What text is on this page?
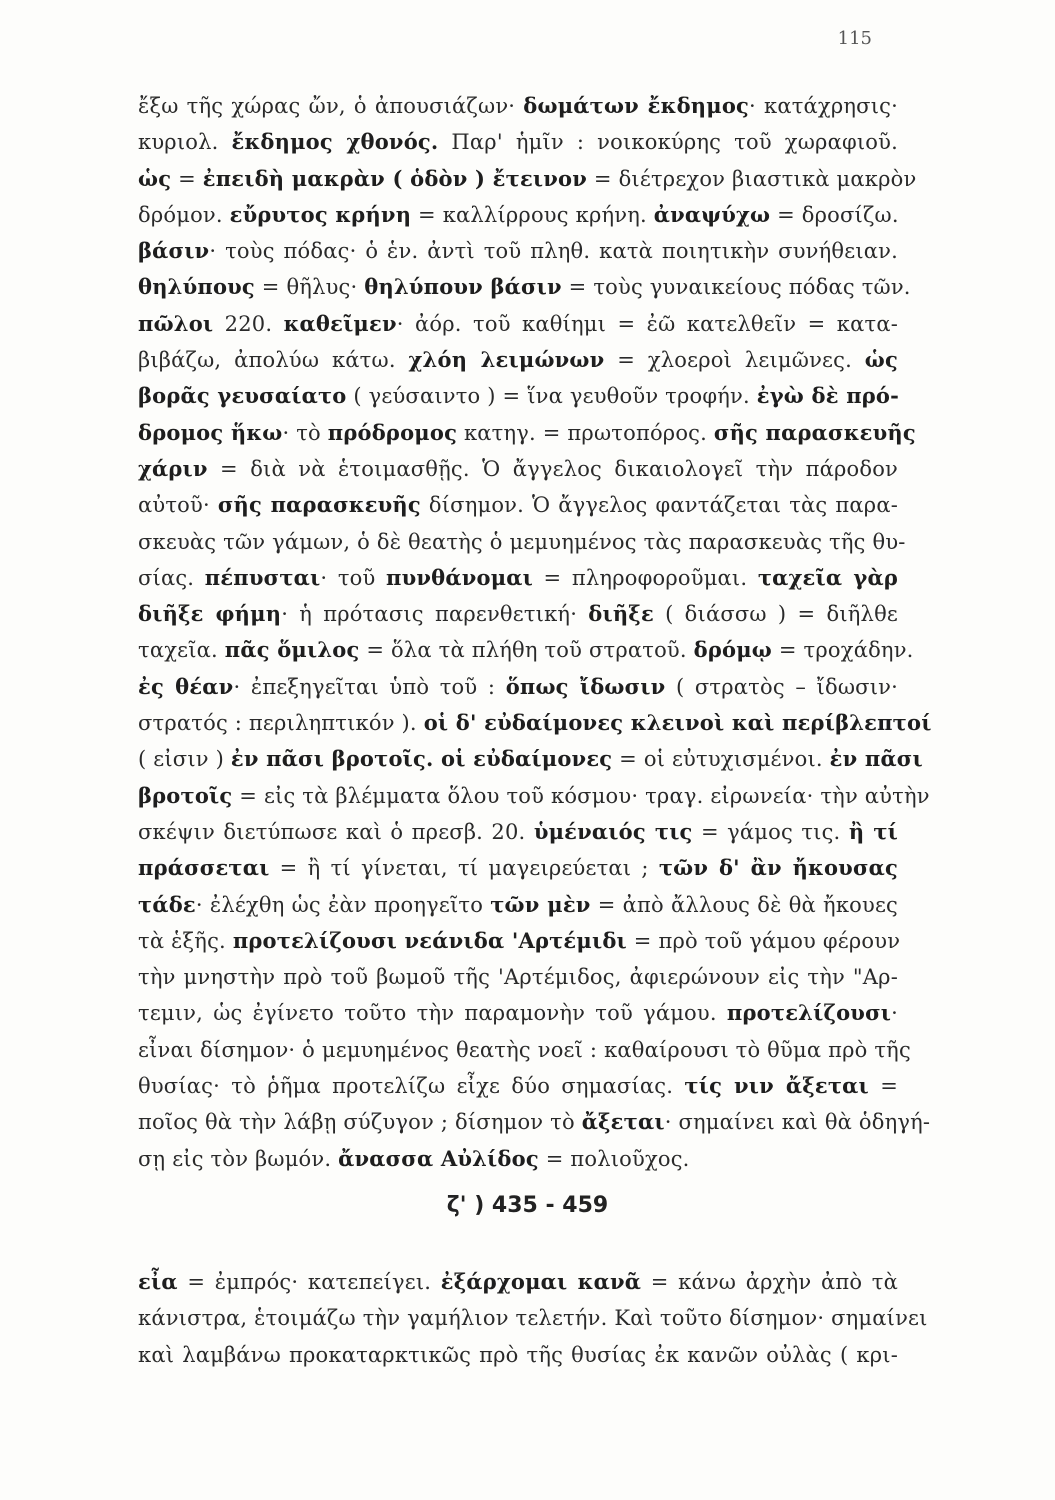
115
ἔξω τῆς χώρας ὤν, ὁ ἀπουσιάζων· δωμάτων ἔκδημος· κατάχρησις·
κυριολ. ἔκδημος χθονός. Παρ' ἡμῖν : νοικοκύρης τοῦ χωραφιοῦ.
ὡς = ἐπειδὴ μακρὰν ( ὁδὸν ) ἔτεινον = διέτρεχον βιαστικὰ μακρὸν
δρόμον. εὔρυτος κρήνη = καλλίρρους κρήνη. ἀναψύχω = δροσίζω.
βάσιν· τοὺς πόδας· ὁ ἑν. ἀντὶ τοῦ πληθ. κατὰ ποιητικὴν συνήθειαν.
θηλύπους = θῆλυς· θηλύπουν βάσιν = τοὺς γυναικείους πόδας τῶν.
πῶλοι 220. καθεῖμεν· ἀόρ. τοῦ καθίημι = ἐῶ κατελθεῖν = κατα-
βιβάζω, ἀπολύω κάτω. χλόη λειμώνων = χλοεροὶ λειμῶνες. ὡς
βορᾶς γευσαίατο ( γεύσαιντο ) = ἵνα γευθοῦν τροφήν. ἐγὼ δὲ πρό-
δρομος ἥκω· τὸ πρόδρομος κατηγ. = πρωτοπόρος. σῆς παρασκευῆς
χάριν = διὰ νὰ ἑτοιμασθῇς. Ὁ ἄγγελος δικαιολογεῖ τὴν πάροδον
αὐτοῦ· σῆς παρασκευῆς δίσημον. Ὁ ἄγγελος φαντάζεται τὰς παρα-
σκευὰς τῶν γάμων, ὁ δὲ θεατὴς ὁ μεμυημένος τὰς παρασκευὰς τῆς θυ-
σίας. πέπυσται· τοῦ πυνθάνομαι = πληροφοροῦμαι. ταχεῖα γὰρ
διῆξε φήμη· ἡ πρότασις παρενθετική· διῆξε ( διάσσω ) = διῆλθε
ταχεῖα. πᾶς ὅμιλος = ὅλα τὰ πλήθη τοῦ στρατοῦ. δρόμῳ = τροχάδην.
ἐς θέαν· ἐπεξηγεῖται ὑπὸ τοῦ : ὅπως ἴδωσιν ( στρατὸς – ἴδωσιν·
στρατός : περιληπτικόν ). οἱ δ' εὐδαίμονες κλεινοὶ καὶ περίβλεπτοί
( εἰσιν ) ἐν πᾶσι βροτοῖς. οἱ εὐδαίμονες = οἱ εὐτυχισμένοι. ἐν πᾶσι
βροτοῖς = εἰς τὰ βλέμματα ὅλου τοῦ κόσμου· τραγ. εἰρωνεία· τὴν αὐτὴν
σκέψιν διετύπωσε καὶ ὁ πρεσβ. 20. ὑμέναιός τις = γάμος τις. ἢ τί
πράσσεται = ἢ τί γίνεται, τί μαγειρεύεται ; τῶν δ' ἂν ἤκουσας
τάδε· ἐλέχθη ὡς ἐὰν προηγεῖτο τῶν μὲν = ἀπὸ ἄλλους δὲ θὰ ἤκουες
τὰ ἑξῆς. προτελίζουσι νεάνιδα 'Αρτέμιδι = πρὸ τοῦ γάμου φέρουν
τὴν μνηστὴν πρὸ τοῦ βωμοῦ τῆς 'Αρτέμιδος, ἀφιερώνουν εἰς τὴν "Αρ-
τεμιν, ὡς ἐγίνετο τοῦτο τὴν παραμονὴν τοῦ γάμου. προτελίζουσι·
εἶναι δίσημον· ὁ μεμυημένος θεατὴς νοεῖ : καθαίρουσι τὸ θῦμα πρὸ τῆς
θυσίας· τὸ ῥῆμα προτελίζω εἶχε δύο σημασίας. τίς νιν ἄξεται =
ποῖος θὰ τὴν λάβῃ σύζυγον ; δίσημον τὸ ἄξεται· σημαίνει καὶ θὰ ὁδηγή-
σῃ εἰς τὸν βωμόν. ἄνασσα Αὐλίδος = πολιοῦχος.
ζ' ) 435 - 459
εἶα = ἐμπρός· κατεπείγει. ἐξάρχομαι κανᾶ = κάνω ἀρχὴν ἀπὸ τὰ
κάνιστρα, ἑτοιμάζω τὴν γαμήλιον τελετήν. Καὶ τοῦτο δίσημον· σημαίνει
καὶ λαμβάνω προκαταρκτικῶς πρὸ τῆς θυσίας ἐκ κανῶν οὐλὰς ( κρι-
